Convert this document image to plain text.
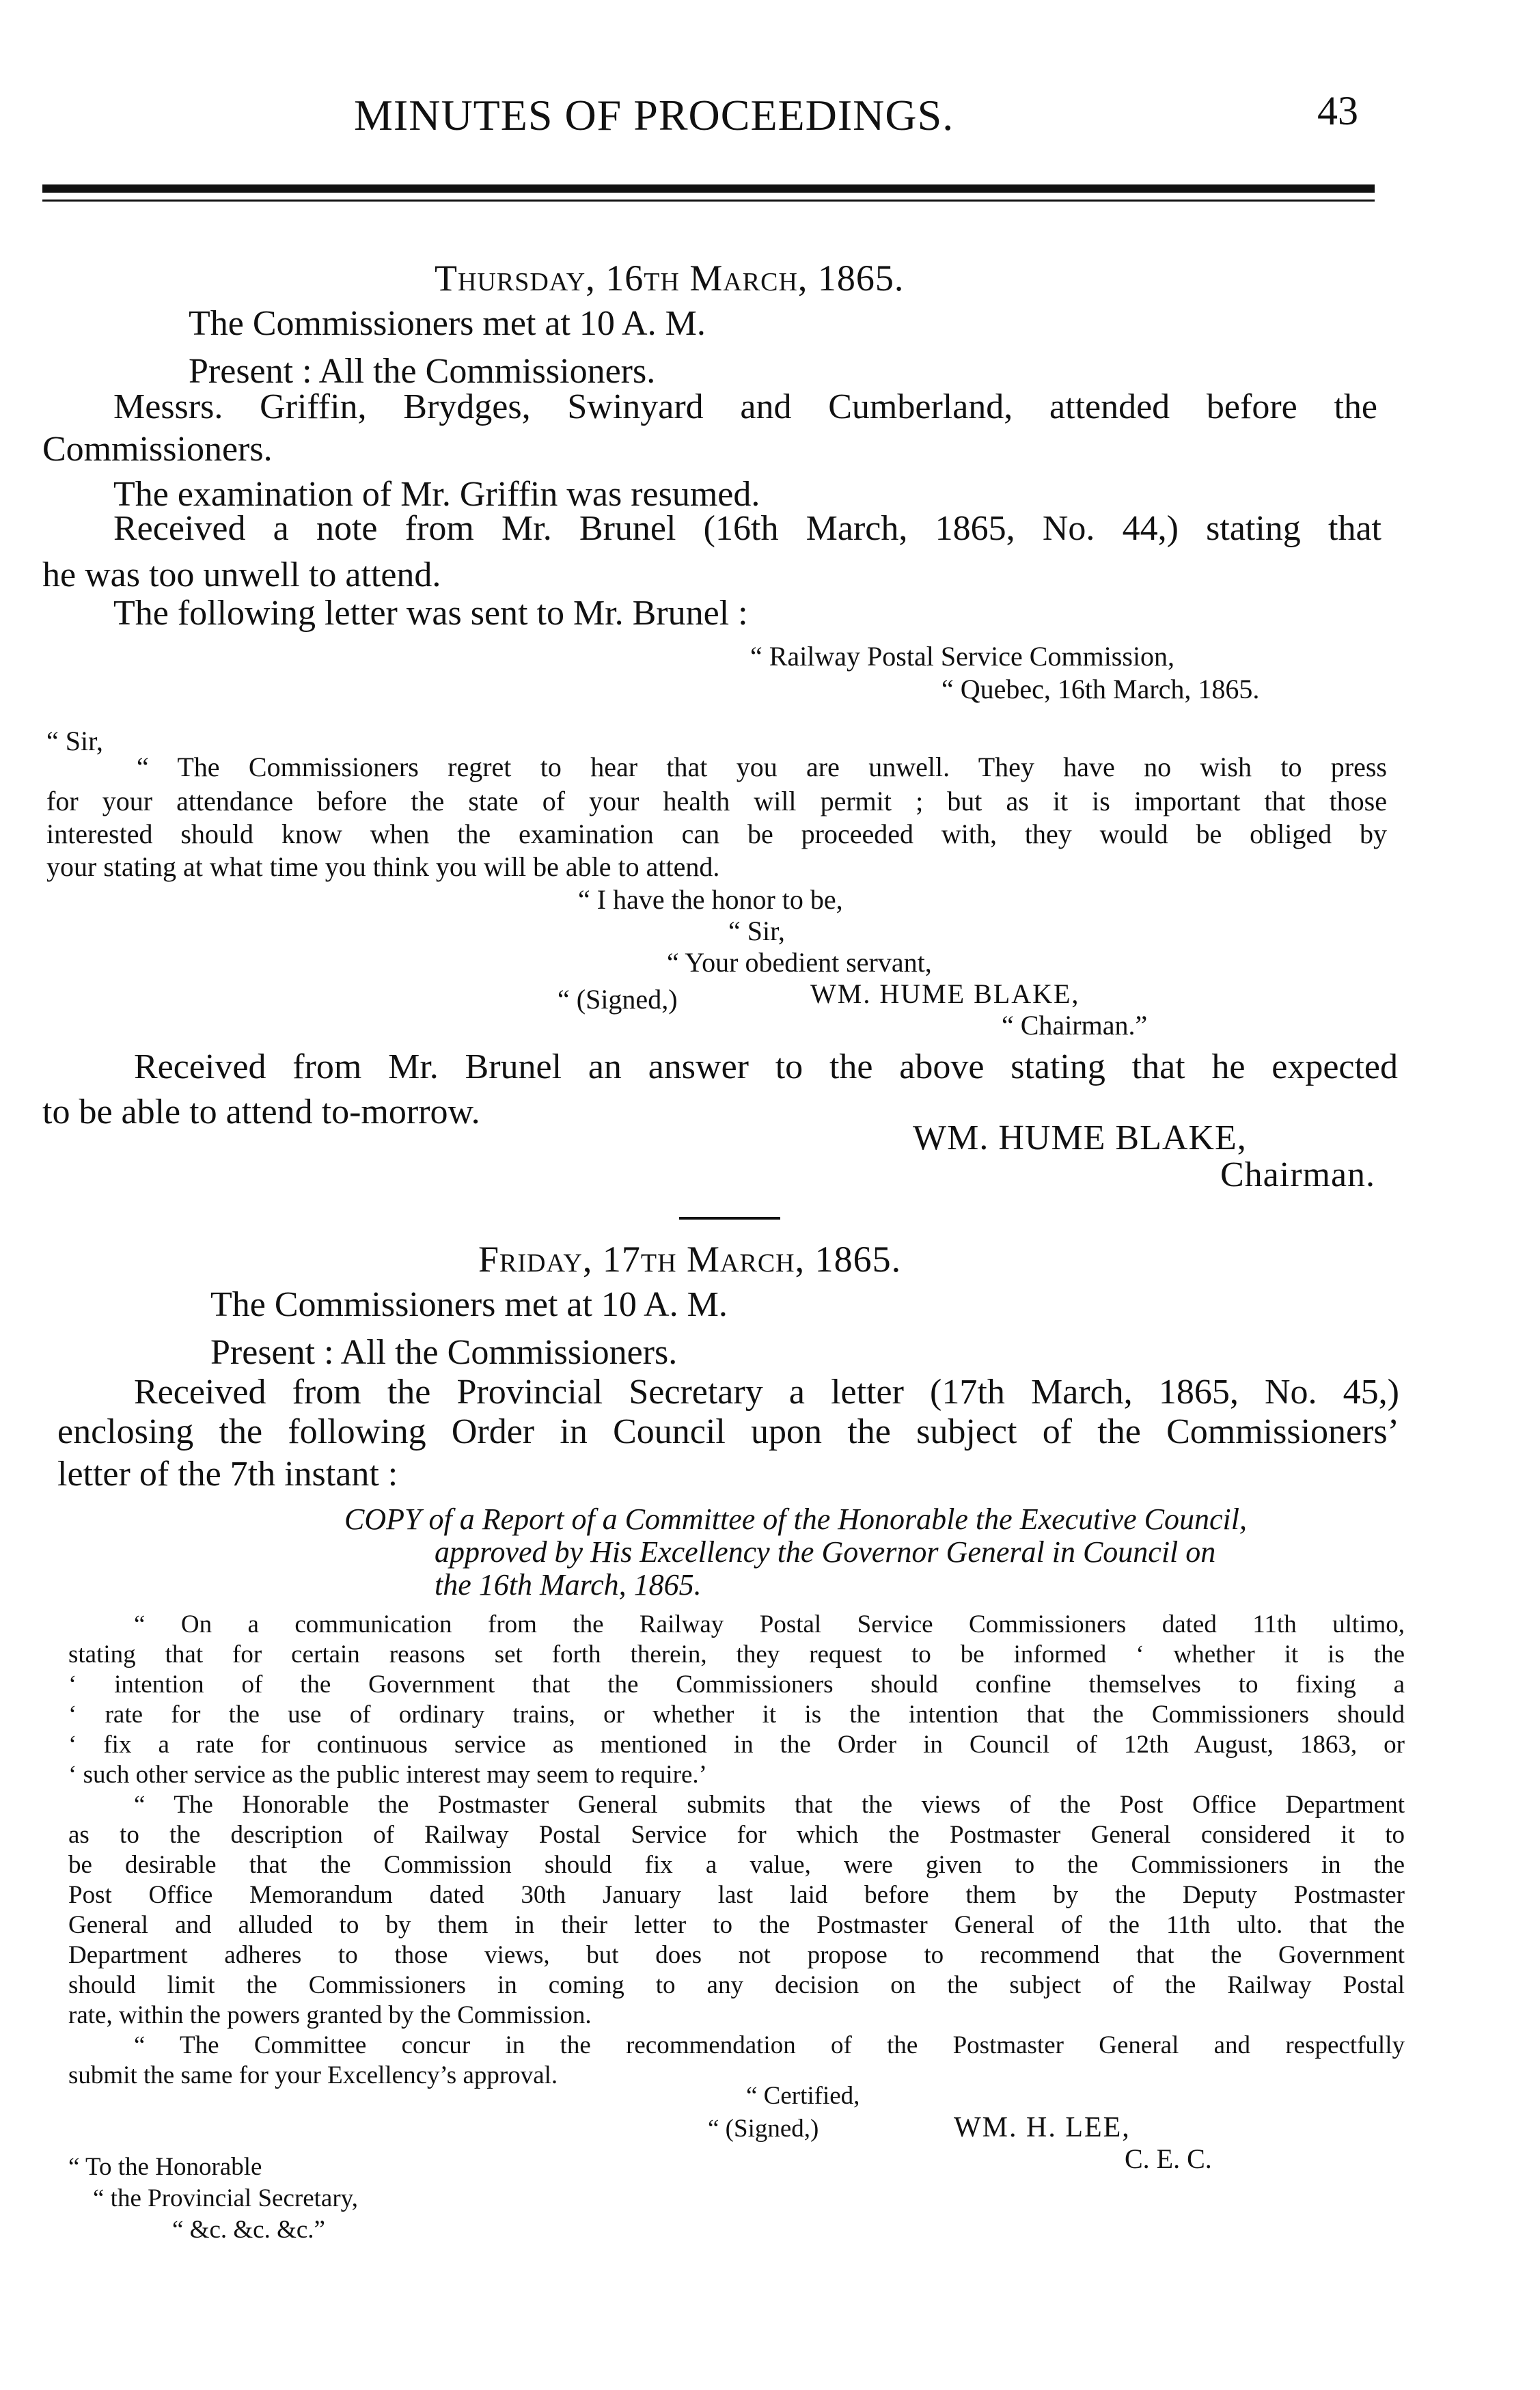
MINUTES OF PROCEEDINGS.	43
Thursday, 16th March, 1865.
The Commissioners met at 10 A. M.
Present : All the Commissioners.
Messrs. Griffin, Brydges, Swinyard and Cumberland, attended before the
Commissioners.
The examination of Mr. Griffin was resumed.
Received a note from Mr. Brunel (16th March, 1865, No. 44,) stating that
he was too unwell to attend.
The following letter was sent to Mr. Brunel :
“ Railway Postal Service Commission,
“ Quebec, 16th March, 1865.
“ Sir,
“ The Commissioners regret to hear that you are unwell. They have no wish to press
for your attendance before the state of your health will permit ; but as it is important that those
interested should know when the examination can be proceeded with, they would be obliged by
your stating at what time you think you will be able to attend.
“ I have the honor to be,
“ Sir,
“ Your obedient servant,
“ (Signed,)	WM. HUME BLAKE,
“ Chairman.”
Received from Mr. Brunel an answer to the above stating that he expected
to be able to attend to-morrow.
WM. HUME BLAKE,
Chairman.
Friday, 17th March, 1865.
The Commissioners met at 10 A. M.
Present : All the Commissioners.
Received from the Provincial Secretary a letter (17th March, 1865, No. 45,)
enclosing the following Order in Council upon the subject of the Commissioners’
letter of the 7th instant :
COPY of a Report of a Committee of the Honorable the Executive Council,
approved by His Excellency the Governor General in Council on
the 16th March, 1865.
“ On a communication from the Railway Postal Service Commissioners dated 11th ultimo,
stating that for certain reasons set forth therein, they request to be informed ‘ whether it is the
‘ intention of the Government that the Commissioners should confine themselves to fixing a
‘ rate for the use of ordinary trains, or whether it is the intention that the Commissioners should
‘ fix a rate for continuous service as mentioned in the Order in Council of 12th August, 1863, or
‘ such other service as the public interest may seem to require.’
“ The Honorable the Postmaster General submits that the views of the Post Office Department
as to the description of Railway Postal Service for which the Postmaster General considered it to
be desirable that the Commission should fix a value, were given to the Commissioners in the
Post Office Memorandum dated 30th January last laid before them by the Deputy Postmaster
General and alluded to by them in their letter to the Postmaster General of the 11th ulto. that the
Department adheres to those views, but does not propose to recommend that the Government
should limit the Commissioners in coming to any decision on the subject of the Railway Postal
rate, within the powers granted by the Commission.
“ The Committee concur in the recommendation of the Postmaster General and respectfully
submit the same for your Excellency’s approval.
“ Certified,
“ (Signed,)	WM. H. LEE,
C. E. C.
“ To the Honorable
“ the Provincial Secretary,
“ &c. &c. &c.”
